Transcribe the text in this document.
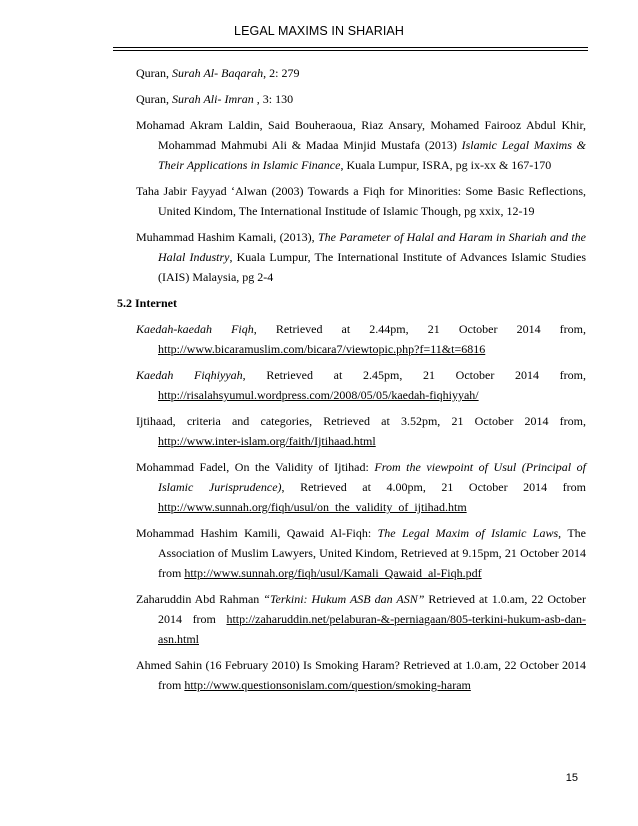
LEGAL MAXIMS IN SHARIAH
Quran, Surah Al- Baqarah, 2: 279
Quran, Surah Ali- Imran , 3: 130
Mohamad Akram Laldin, Said Bouheraoua, Riaz Ansary, Mohamed Fairooz Abdul Khir, Mohammad Mahmubi Ali & Madaa Minjid Mustafa (2013) Islamic Legal Maxims & Their Applications in Islamic Finance, Kuala Lumpur, ISRA, pg ix-xx & 167-170
Taha Jabir Fayyad ‘Alwan (2003) Towards a Fiqh for Minorities: Some Basic Reflections, United Kindom, The International Institude of Islamic Though, pg xxix, 12-19
Muhammad Hashim Kamali, (2013), The Parameter of Halal and Haram in Shariah and the Halal Industry, Kuala Lumpur, The International Institute of Advances Islamic Studies (IAIS) Malaysia, pg 2-4
5.2 Internet
Kaedah-kaedah Fiqh, Retrieved at 2.44pm, 21 October 2014 from, http://www.bicaramuslim.com/bicara7/viewtopic.php?f=11&t=6816
Kaedah Fiqhiyyah, Retrieved at 2.45pm, 21 October 2014 from, http://risalahsyumul.wordpress.com/2008/05/05/kaedah-fiqhiyyah/
Ijtihaad, criteria and categories, Retrieved at 3.52pm, 21 October 2014 from, http://www.inter-islam.org/faith/Ijtihaad.html
Mohammad Fadel, On the Validity of Ijtihad: From the viewpoint of Usul (Principal of Islamic Jurisprudence), Retrieved at 4.00pm, 21 October 2014 from http://www.sunnah.org/fiqh/usul/on_the_validity_of_ijtihad.htm
Mohammad Hashim Kamili, Qawaid Al-Fiqh: The Legal Maxim of Islamic Laws, The Association of Muslim Lawyers, United Kindom, Retrieved at 9.15pm, 21 October 2014 from http://www.sunnah.org/fiqh/usul/Kamali_Qawaid_al-Fiqh.pdf
Zaharuddin Abd Rahman “Terkini: Hukum ASB dan ASN” Retrieved at 1.0.am, 22 October 2014 from http://zaharuddin.net/pelaburan-&-perniagaan/805-terkini-hukum-asb-dan-asn.html
Ahmed Sahin (16 February 2010) Is Smoking Haram? Retrieved at 1.0.am, 22 October 2014 from http://www.questionsonislam.com/question/smoking-haram
15
